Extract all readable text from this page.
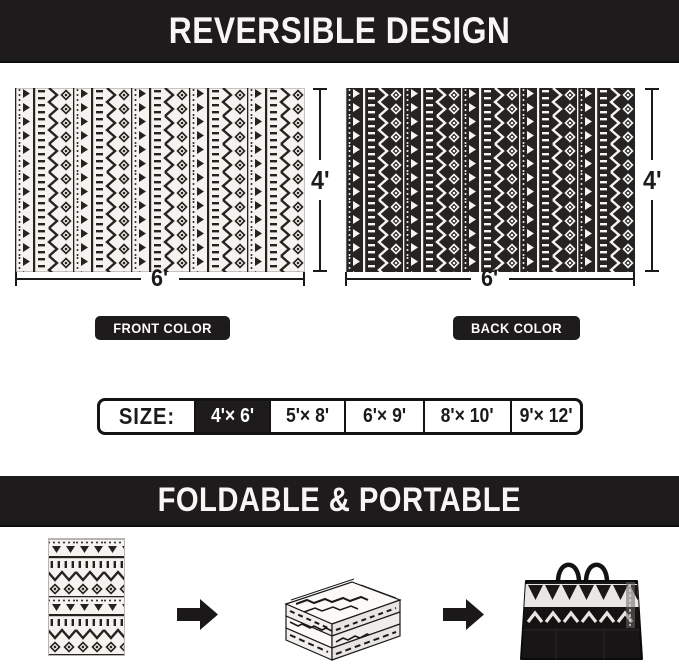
REVERSIBLE DESIGN
6'
4'
6'
4'
FRONT COLOR	BACK COLOR
SIZE: 4'× 6' 5'× 8' 6'× 9' 8'× 10' 9'× 12'
FOLDABLE & PORTABLE
